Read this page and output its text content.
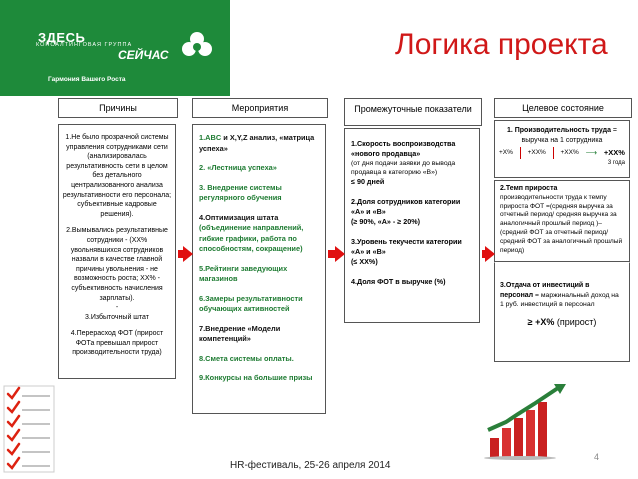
ЗДЕСЬ
КОНСАЛТИНГОВАЯ ГРУППА
СЕЙЧАС
Гармония Вашего Роста
Логика проекта
Причины
1.Не было прозрачной системы управления сотрудниками сети (анализировалась результативность сети в целом без детального централизованного анализа результативности его персонала; субъективные кадровые решения).
2.Вымывались результативные сотрудники - (XX% увольнявшихся сотрудников назвали в качестве главной причины увольнения - не возможность роста; XX% - субъективность начисления зарплаты).
-
3.Избыточный штат
4.Перерасход ФОТ (прирост ФОТа превышал прирост производительности труда)
Мероприятия
1.ABC и X,Y,Z анализ, «матрица успеха»
2. «Лестница успеха»
3. Внедрение системы регулярного обучения
4.Оптимизация штата (объединение направлений, гибкие графики, работа по способностям, сокращение)
5.Рейтинги заведующих магазинов
6.Замеры результативности обучающих активностей
7.Внедрение «Модели компетенций»
8.Смета системы оплаты.
9.Конкурсы на большие призы
Промежуточные показатели
1.Скорость воспроизводства «нового продавца»
(от дня подачи заявки до вывода продавца в категорию «В»)
≤ 90 дней
2.Доля сотрудников категории «А» и «В»
(≥ 90%, «А» - ≥ 20%)
3.Уровень текучести категории «А» и «В»
(≤ XX%)
4.Доля ФОТ в выручке (%)
Целевое состояние
1. Производительность труда = выручка на 1 сотрудника
+X% +XX% +XX% ⟶ +XX%
3 года
2.Темп прироста
производительности труда к темпу прироста ФОТ =(средняя выручка за отчетный период/ средняя выручка за аналогичный прошлый период )– (средний ФОТ за отчетный период/ средний ФОТ за аналогичный прошлый период)
3.Отдача от инвестиций в персонал = маржинальный доход на 1 руб. инвестиций в персонал
≥ +X% (прирост)
HR-фестиваль, 25-26 апреля 2014
4
